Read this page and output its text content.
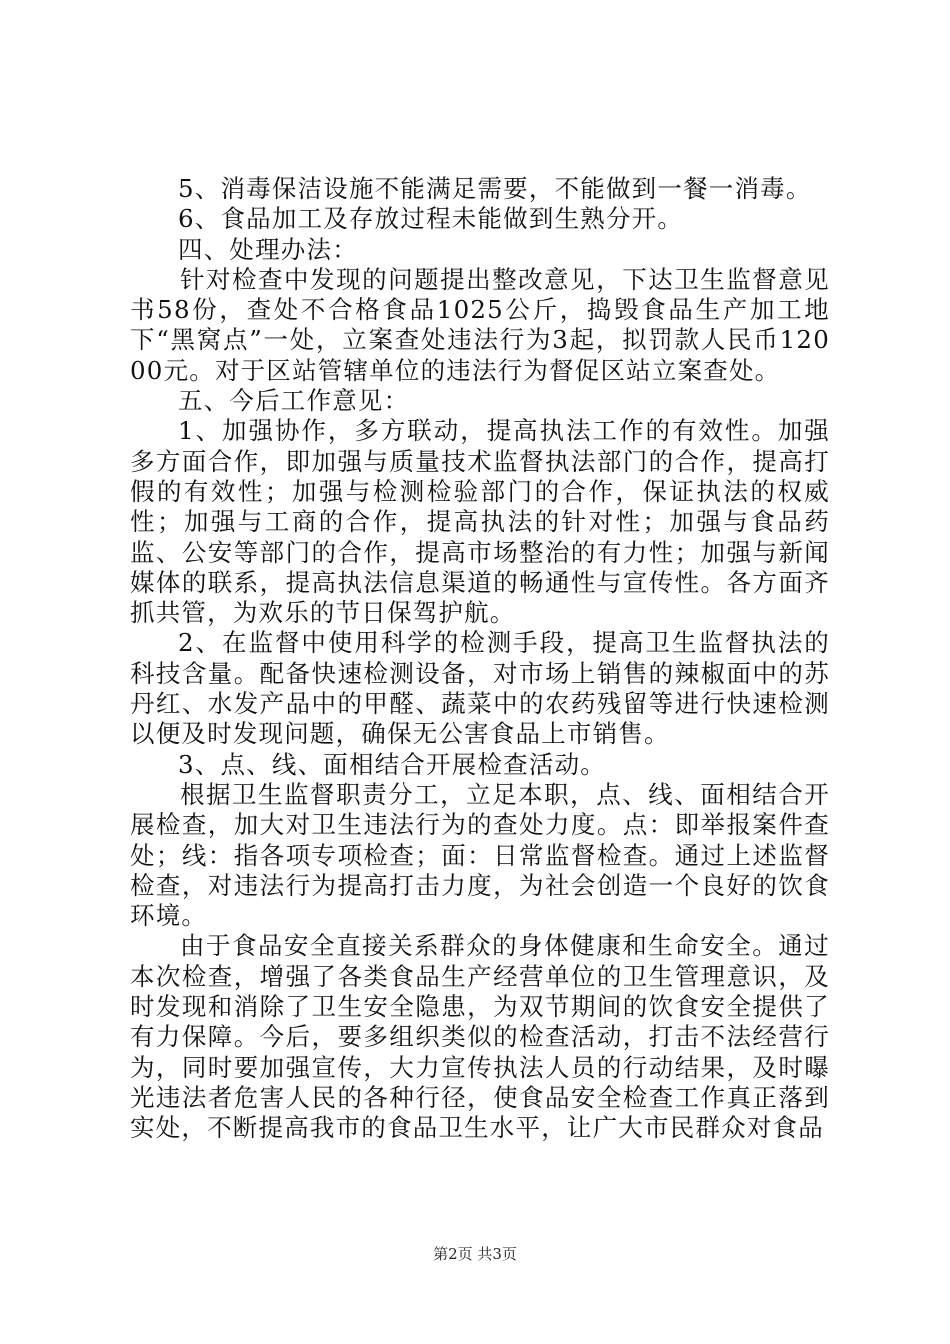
5、消毒保洁设施不能满足需要，不能做到一餐一消毒。

6、食品加工及存放过程未能做到生熟分开。

四、处理办法：

针对检查中发现的问题提出整改意见，下达卫生监督意见书58份，查处不合格食品1025公斤，捣毁食品生产加工地下“黑窝点”一处，立案查处违法行为3起，拟罚款人民币12000元。对于区站管辖单位的违法行为督促区站立案查处。

五、今后工作意见：

1、加强协作，多方联动，提高执法工作的有效性。加强多方面合作，即加强与质量技术监督执法部门的合作，提高打假的有效性；加强与检测检验部门的合作，保证执法的权威性；加强与工商的合作，提高执法的针对性；加强与食品药监、公安等部门的合作，提高市场整治的有力性；加强与新闻媒体的联系，提高执法信息渠道的畅通性与宣传性。各方面齐抓共管，为欢乐的节日保驾护航。

2、在监督中使用科学的检测手段，提高卫生监督执法的科技含量。配备快速检测设备，对市场上销售的辣椒面中的苏丹红、水发产品中的甲醛、蔬菜中的农药残留等进行快速检测以便及时发现问题，确保无公害食品上市销售。

3、点、线、面相结合开展检查活动。

根据卫生监督职责分工，立足本职，点、线、面相结合开展检查，加大对卫生违法行为的查处力度。点：即举报案件查处；线：指各项专项检查；面：日常监督检查。通过上述监督检查，对违法行为提高打击力度，为社会创造一个良好的饮食环境。

由于食品安全直接关系群众的身体健康和生命安全。通过本次检查，增强了各类食品生产经营单位的卫生管理意识，及时发现和消除了卫生安全隐患，为双节期间的饮食安全提供了有力保障。今后，要多组织类似的检查活动，打击不法经营行为，同时要加强宣传，大力宣传执法人员的行动结果，及时曝光违法者危害人民的各种行径，使食品安全检查工作真正落到实处，不断提高我市的食品卫生水平，让广大市民群众对食品

第2页 共3页
